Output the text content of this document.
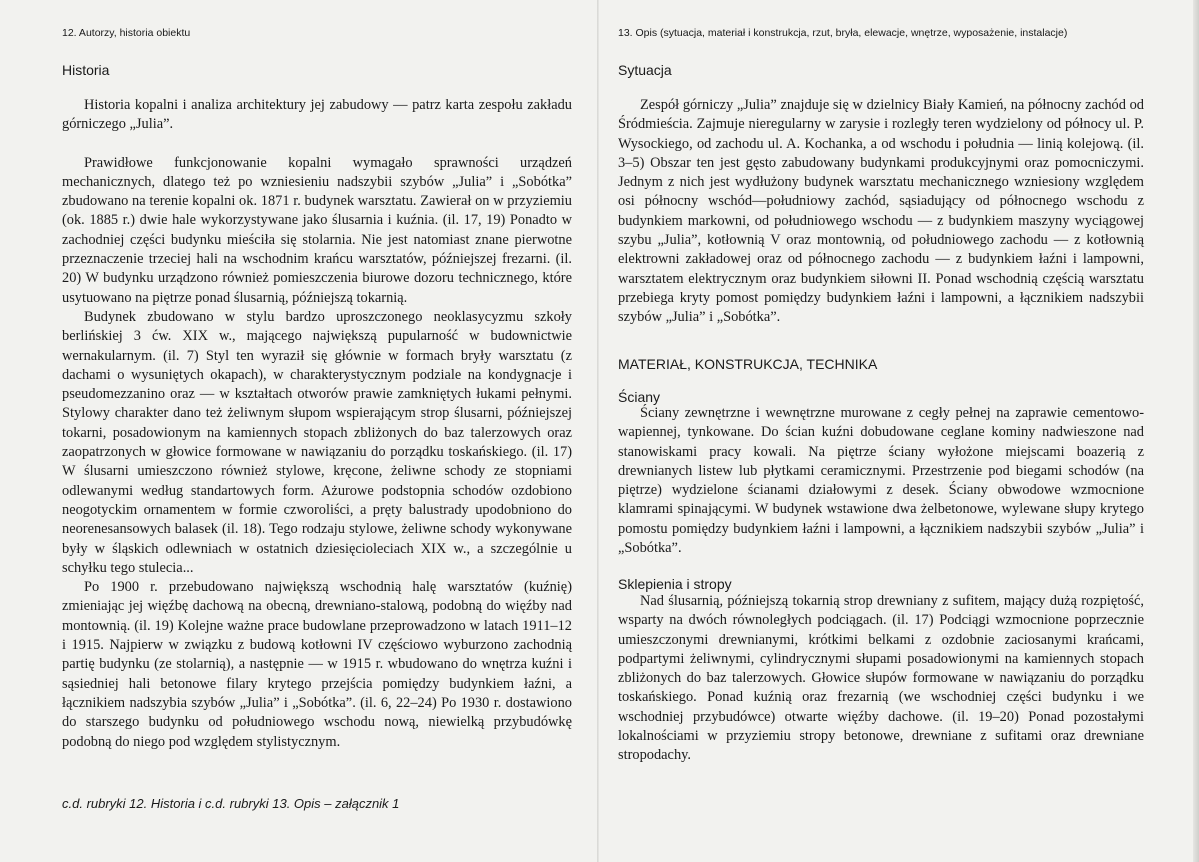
12. Autorzy, historia obiektu
Historia

Historia kopalni i analiza architektury jej zabudowy — patrz karta zespołu zakładu górniczego „Julia”.

Prawidłowe funkcjonowanie kopalni wymagało sprawności urządzeń mechanicznych, dlatego też po wzniesieniu nadszybii szybów „Julia” i „Sobótka” zbudowano na terenie kopalni ok. 1871 r. budynek warsztatu. Zawierał on w przyziemiu (ok. 1885 r.) dwie hale wykorzystywane jako ślusarnia i kuźnia. (il. 17, 19) Ponadto w zachodniej części budynku mieściła się stolarnia. Nie jest natomiast znane pierwotne przeznaczenie trzeciej hali na wschodnim krańcu warsztatów, późniejszej frezarni. (il. 20) W budynku urządzono również pomieszczenia biurowe dozoru technicznego, które usytuowano na piętrze ponad ślusarnią, późniejszą tokarnią.

Budynek zbudowano w stylu bardzo uproszczonego neoklasycyzmu szkoły berlińskiej 3 ćw. XIX w., mającego największą pupularność w budownictwie wernakularnym. (il. 7) Styl ten wyraził się głównie w formach bryły warsztatu (z dachami o wysuniętych okapach), w charakterystycznym podziale na kondygnacje i pseudomezzanino oraz — w kształtach otworów prawie zamkniętych łukami pełnymi. Stylowy charakter dano też żeliwnym słupom wspierającym strop ślusarni, późniejszej tokarni, posadowionym na kamiennych stopach zbliżonych do baz talerzowych oraz zaopatrzonych w głowice formowane w nawiązaniu do porządku toskańskiego. (il. 17) W ślusarni umieszczono również stylowe, kręcone, żeliwne schody ze stopniami odlewanymi według standartowych form. Ażurowe podstopnia schodów ozdobiono neogotyckim ornamentem w formie czworoliści, a pręty balustrady upodobniono do neorenesansowych balasek (il. 18). Tego rodzaju stylowe, żeliwne schody wykonywane były w śląskich odlewniach w ostatnich dziesięcioleciach XIX w., a szczególnie u schyłku tego stulecia...

Po 1900 r. przebudowano największą wschodnią halę warsztatów (kuźnię) zmieniając jej więźbę dachową na obecną, drewniano-stalową, podobną do więźby nad montownią. (il. 19) Kolejne ważne prace budowlane przeprowadzono w latach 1911–12 i 1915. Najpierw w związku z budową kotłowni IV częściowo wyburzono zachodnią partię budynku (ze stolarnią), a następnie — w 1915 r. wbudowano do wnętrza kuźni i sąsiedniej hali betonowe filary krytego przejścia pomiędzy budynkiem łaźni, a łącznikiem nadszybia szybów „Julia” i „Sobótka”. (il. 6, 22–24) Po 1930 r. dostawiono do starszego budynku od południowego wschodu nową, niewielką przybudówkę podobną do niego pod względem stylistycznym.

13. Opis (sytuacja, materiał i konstrukcja, rzut, bryła, elewacje, wnętrze, wyposażenie, instalacje)
Sytuacja

Zespół górniczy „Julia” znajduje się w dzielnicy Biały Kamień, na północny zachód od Śródmieścia. Zajmuje nieregularny w zarysie i rozległy teren wydzielony od północy ul. P. Wysockiego, od zachodu ul. A. Kochanka, a od wschodu i południa — linią kolejową. (il. 3–5) Obszar ten jest gęsto zabudowany budynkami produkcyjnymi oraz pomocniczymi. Jednym z nich jest wydłużony budynek warsztatu mechanicznego wzniesiony względem osi północny wschód—południowy zachód, sąsiadujący od północnego wschodu z budynkiem markowni, od południowego wschodu — z budynkiem maszyny wyciągowej szybu „Julia”, kotłownią V oraz montownią, od południowego zachodu — z kotłownią elektrowni zakładowej oraz od północnego zachodu — z budynkiem łaźni i lampowni, warsztatem elektrycznym oraz budynkiem siłowni II. Ponad wschodnią częścią warsztatu przebiega kryty pomost pomiędzy budynkiem łaźni i lampowni, a łącznikiem nadszybii szybów „Julia” i „Sobótka”.

MATERIAŁ, KONSTRUKCJA, TECHNIKA
Ściany

Ściany zewnętrzne i wewnętrzne murowane z cegły pełnej na zaprawie cementowo-wapiennej, tynkowane. Do ścian kuźni dobudowane ceglane kominy nadwieszone nad stanowiskami pracy kowali. Na piętrze ściany wyłożone miejscami boazerią z drewnianych listew lub płytkami ceramicznymi. Przestrzenie pod biegami schodów (na piętrze) wydzielone ścianami działowymi z desek. Ściany obwodowe wzmocnione klamrami spinającymi. W budynek wstawione dwa żelbetonowe, wylewane słupy krytego pomostu pomiędzy budynkiem łaźni i lampowni, a łącznikiem nadszybii szybów „Julia” i „Sobótka”.

Sklepienia i stropy

Nad ślusarnią, późniejszą tokarnią strop drewniany z sufitem, mający dużą rozpiętość, wsparty na dwóch równoległych podciągach. (il. 17) Podciągi wzmocnione poprzecznie umieszczonymi drewnianymi, krótkimi belkami z ozdobnie zaciosanymi krańcami, podpartymi żeliwnymi, cylindrycznymi słupami posadowionymi na kamiennych stopach zbliżonych do baz talerzowych. Głowice słupów formowane w nawiązaniu do porządku toskańskiego. Ponad kuźnią oraz frezarnią (we wschodniej części budynku i we wschodniej przybudówce) otwarte więźby dachowe. (il. 19–20) Ponad pozostałymi lokalnościami w przyziemiu stropy betonowe, drewniane z sufitami oraz drewniane stropodachy.

c.d. rubryki 12. Historia i c.d. rubryki 13. Opis – załącznik 1
